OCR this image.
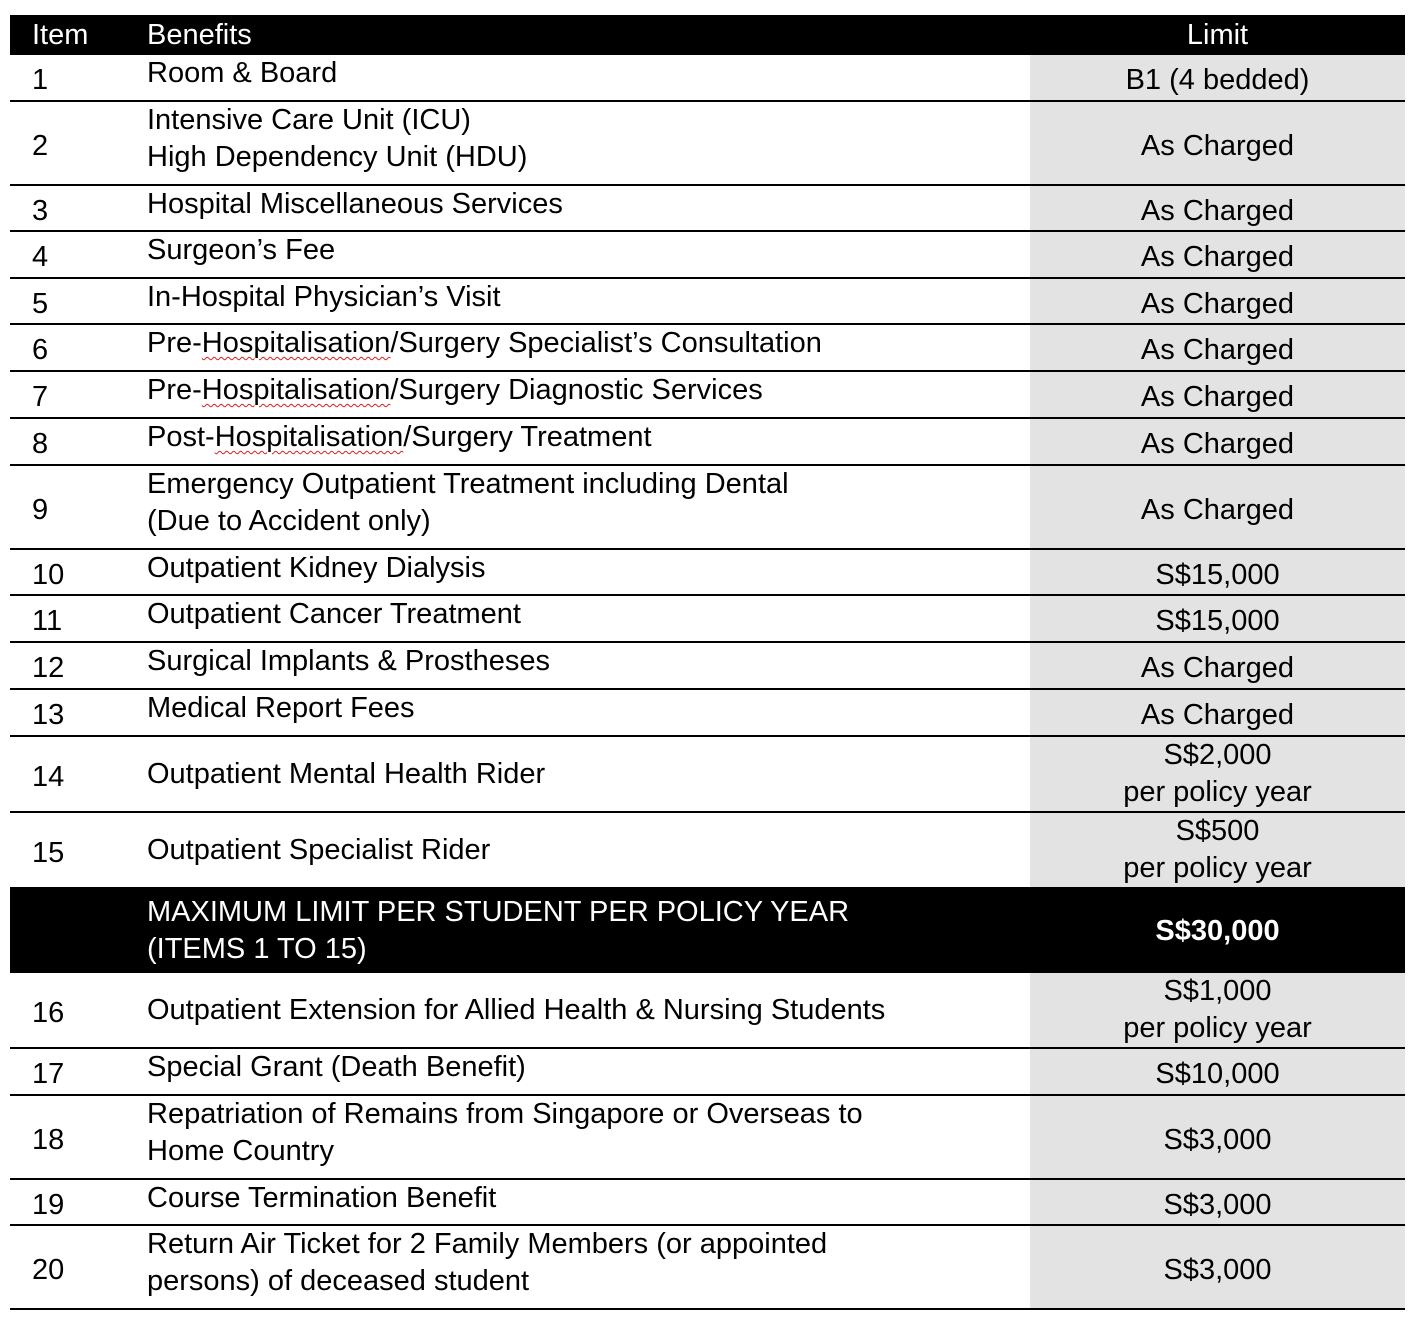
Item	Benefits	Limit
1	Room & Board	B1 (4 bedded)

2	Intensive Care Unit (ICU)
High Dependency Unit (HDU)	As Charged

3	Hospital Miscellaneous Services	As Charged

4	Surgeon’s Fee	As Charged

5	In-Hospital Physician’s Visit	As Charged

6	Pre-Hospitalisation/Surgery Specialist’s Consultation	As Charged

7	Pre-Hospitalisation/Surgery Diagnostic Services	As Charged

8	Post-Hospitalisation/Surgery Treatment	As Charged

9	Emergency Outpatient Treatment including Dental
(Due to Accident only)	As Charged

10	Outpatient Kidney Dialysis	S$15,000

11	Outpatient Cancer Treatment	S$15,000

12	Surgical Implants & Prostheses	As Charged

13	Medical Report Fees	As Charged

14	Outpatient Mental Health Rider	S$2,000
per policy year

15	Outpatient Specialist Rider	S$500
per policy year

	MAXIMUM LIMIT PER STUDENT PER POLICY YEAR
(ITEMS 1 TO 15)	S$30,000
16	Outpatient Extension for Allied Health & Nursing Students	S$1,000
per policy year

17	Special Grant (Death Benefit)	S$10,000

18	Repatriation of Remains from Singapore or Overseas to
Home Country	S$3,000

19	Course Termination Benefit	S$3,000

20	Return Air Ticket for 2 Family Members (or appointed
persons) of deceased student	S$3,000
